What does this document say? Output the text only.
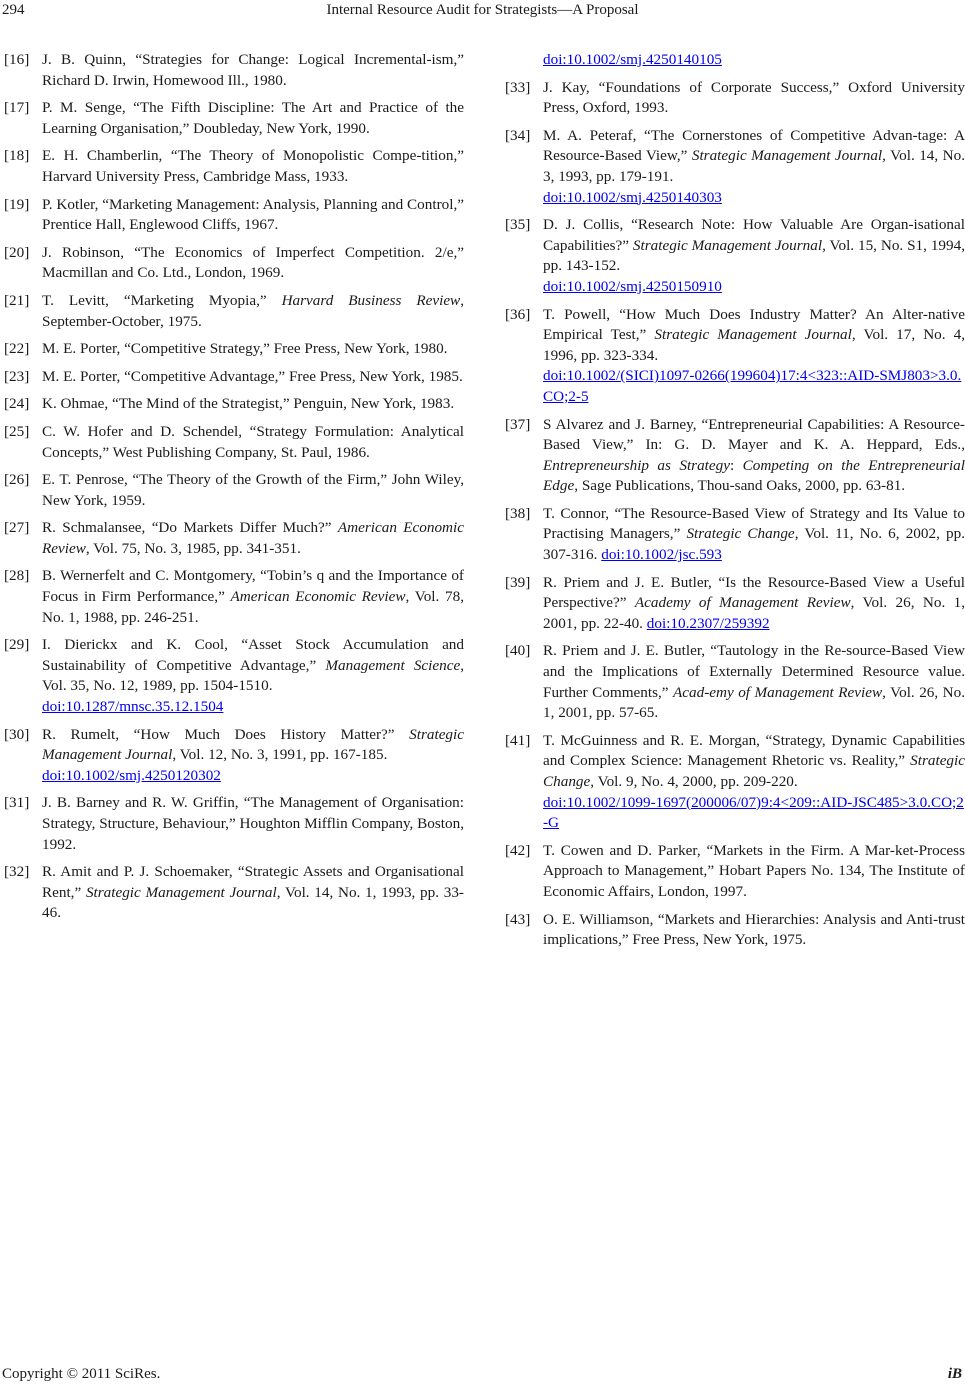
294	Internal Resource Audit for Strategists—A Proposal
[16] J. B. Quinn, “Strategies for Change: Logical Incremental-ism,” Richard D. Irwin, Homewood Ill., 1980.
[17] P. M. Senge, “The Fifth Discipline: The Art and Practice of the Learning Organisation,” Doubleday, New York, 1990.
[18] E. H. Chamberlin, “The Theory of Monopolistic Compe-tition,” Harvard University Press, Cambridge Mass, 1933.
[19] P. Kotler, “Marketing Management: Analysis, Planning and Control,” Prentice Hall, Englewood Cliffs, 1967.
[20] J. Robinson, “The Economics of Imperfect Competition. 2/e,” Macmillan and Co. Ltd., London, 1969.
[21] T. Levitt, “Marketing Myopia,” Harvard Business Review, September-October, 1975.
[22] M. E. Porter, “Competitive Strategy,” Free Press, New York, 1980.
[23] M. E. Porter, “Competitive Advantage,” Free Press, New York, 1985.
[24] K. Ohmae, “The Mind of the Strategist,” Penguin, New York, 1983.
[25] C. W. Hofer and D. Schendel, “Strategy Formulation: Analytical Concepts,” West Publishing Company, St. Paul, 1986.
[26] E. T. Penrose, “The Theory of the Growth of the Firm,” John Wiley, New York, 1959.
[27] R. Schmalansee, “Do Markets Differ Much?” American Economic Review, Vol. 75, No. 3, 1985, pp. 341-351.
[28] B. Wernerfelt and C. Montgomery, “Tobin’s q and the Importance of Focus in Firm Performance,” American Economic Review, Vol. 78, No. 1, 1988, pp. 246-251.
[29] I. Dierickx and K. Cool, “Asset Stock Accumulation and Sustainability of Competitive Advantage,” Management Science, Vol. 35, No. 12, 1989, pp. 1504-1510.
doi:10.1287/mnsc.35.12.1504
[30] R. Rumelt, “How Much Does History Matter?” Strategic Management Journal, Vol. 12, No. 3, 1991, pp. 167-185.
doi:10.1002/smj.4250120302
[31] J. B. Barney and R. W. Griffin, “The Management of Organisation: Strategy, Structure, Behaviour,” Houghton Mifflin Company, Boston, 1992.
[32] R. Amit and P. J. Schoemaker, “Strategic Assets and Organisational Rent,” Strategic Management Journal, Vol. 14, No. 1, 1993, pp. 33-46.
doi:10.1002/smj.4250140105
[33] J. Kay, “Foundations of Corporate Success,” Oxford University Press, Oxford, 1993.
[34] M. A. Peteraf, “The Cornerstones of Competitive Advan-tage: A Resource-Based View,” Strategic Management Journal, Vol. 14, No. 3, 1993, pp. 179-191.
doi:10.1002/smj.4250140303
[35] D. J. Collis, “Research Note: How Valuable Are Organ-isational Capabilities?” Strategic Management Journal, Vol. 15, No. S1, 1994, pp. 143-152.
doi:10.1002/smj.4250150910
[36] T. Powell, “How Much Does Industry Matter? An Alter-native Empirical Test,” Strategic Management Journal, Vol. 17, No. 4, 1996, pp. 323-334.
doi:10.1002/(SICI)1097-0266(199604)17:4<323::AID-SMJ803>3.0.CO;2-5
[37] S Alvarez and J. Barney, “Entrepreneurial Capabilities: A Resource-Based View,” In: G. D. Mayer and K. A. Heppard, Eds., Entrepreneurship as Strategy: Competing on the Entrepreneurial Edge, Sage Publications, Thou-sand Oaks, 2000, pp. 63-81.
[38] T. Connor, “The Resource-Based View of Strategy and Its Value to Practising Managers,” Strategic Change, Vol. 11, No. 6, 2002, pp. 307-316. doi:10.1002/jsc.593
[39] R. Priem and J. E. Butler, “Is the Resource-Based View a Useful Perspective?” Academy of Management Review, Vol. 26, No. 1, 2001, pp. 22-40. doi:10.2307/259392
[40] R. Priem and J. E. Butler, “Tautology in the Re-source-Based View and the Implications of Externally Determined Resource value. Further Comments,” Acad-emy of Management Review, Vol. 26, No. 1, 2001, pp. 57-65.
[41] T. McGuinness and R. E. Morgan, “Strategy, Dynamic Capabilities and Complex Science: Management Rhetoric vs. Reality,” Strategic Change, Vol. 9, No. 4, 2000, pp. 209-220.
doi:10.1002/1099-1697(200006/07)9:4<209::AID-JSC485>3.0.CO;2-G
[42] T. Cowen and D. Parker, “Markets in the Firm. A Mar-ket-Process Approach to Management,” Hobart Papers No. 134, The Institute of Economic Affairs, London, 1997.
[43] O. E. Williamson, “Markets and Hierarchies: Analysis and Anti-trust implications,” Free Press, New York, 1975.
Copyright © 2011 SciRes.	iB
